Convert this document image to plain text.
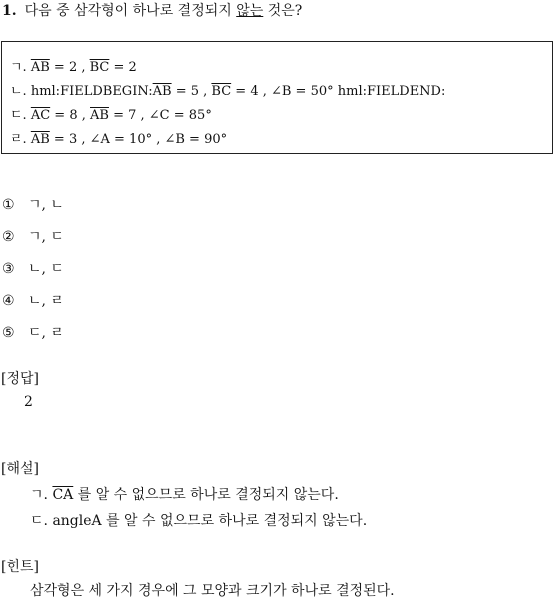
1. 다음 중 삼각형이 하나로 결정되지 않는 것은?
ㄱ. $\overline{AB} = 2$ , $\overline{BC} = 2$
ㄴ. $hml:FIELDBEGIN:\overline{AB} = 5$ , $\overline{BC} = 4$ , ∠B = 50° hml:FIELDEND:
ㄷ. $\overline{AC} = 8$ , $\overline{AB} = 7$ , ∠C = 85°
ㄹ. $\overline{AB} = 3$ , ∠A = 10° , ∠B = 90°
① ㄱ, ㄴ
② ㄱ, ㄷ
③ ㄴ, ㄷ
④ ㄴ, ㄹ
⑤ ㄷ, ㄹ
[정답]
2
[해설]
ㄱ. $\overline{CA}$ 를 알 수 없으므로 하나로 결정되지 않는다.
ㄷ. angleA 를 알 수 없으므로 하나로 결정되지 않는다.
[힌트]
삼각형은 세 가지 경우에 그 모양과 크기가 하나로 결정된다.
